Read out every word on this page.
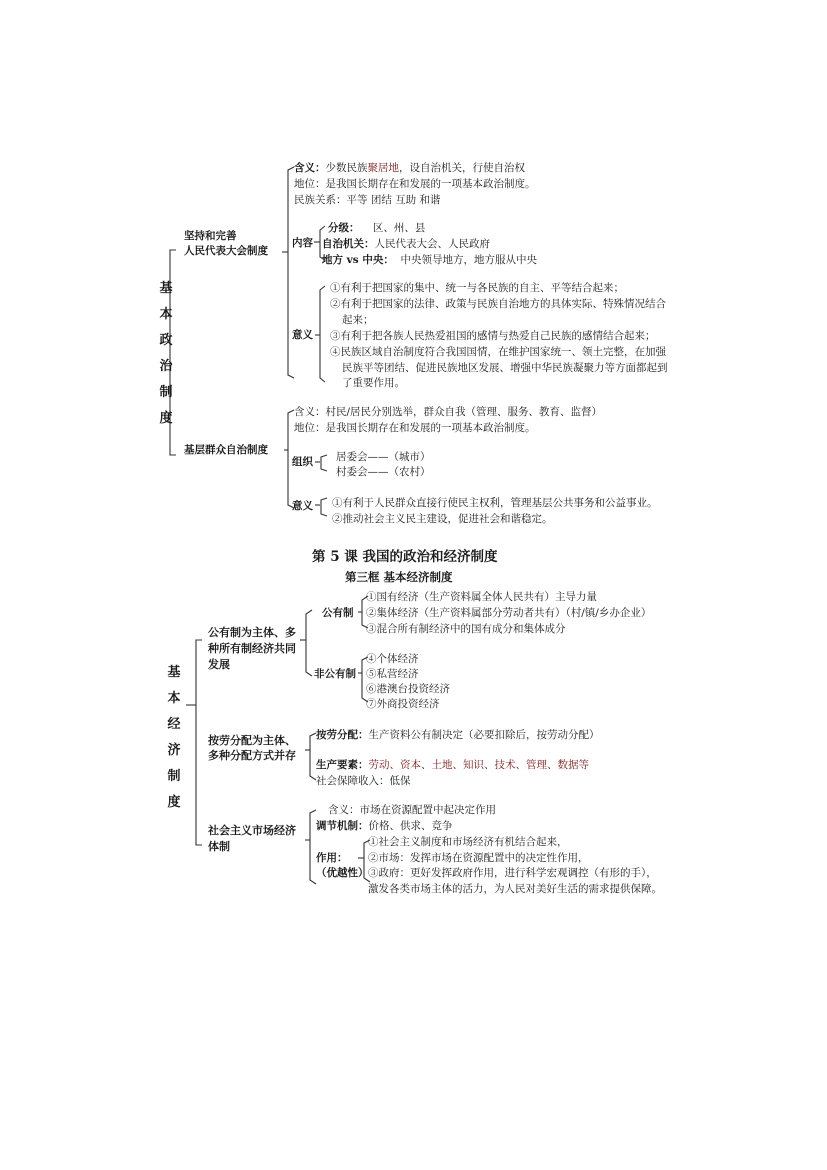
基
本
政
治
制
度
坚持和完善
人民代表大会制度
含义：少数民族聚居地，设自治机关，行使自治权
地位：是我国长期存在和发展的一项基本政治制度。
民族关系：平等 团结 互助 和谐
内容
分级： 区、州、县
自治机关：人民代表大会、人民政府
地方 vs 中央： 中央领导地方，地方服从中央
意义
①有利于把国家的集中、统一与各民族的自主、平等结合起来；
②有利于把国家的法律、政策与民族自治地方的具体实际、特殊情况结合
起来；
③有利于把各族人民热爱祖国的感情与热爱自己民族的感情结合起来；
④民族区域自治制度符合我国国情，在维护国家统一、领土完整，在加强
民族平等团结、促进民族地区发展、增强中华民族凝聚力等方面都起到
了重要作用。
基层群众自治制度
含义：村民/居民分别选举，群众自我（管理、服务、教育、监督）
地位：是我国长期存在和发展的一项基本政治制度。
组织 居委会——（城市）
村委会——（农村）
意义 ①有利于人民群众直接行使民主权利，管理基层公共事务和公益事业。
②推动社会主义民主建设，促进社会和谐稳定。
第 5 课 我国的政治和经济制度
第三框 基本经济制度
基
本
经
济
制
度
公有制为主体、多
种所有制经济共同
发展
公有制
①国有经济（生产资料属全体人民共有）主导力量
②集体经济（生产资料属部分劳动者共有）（村/镇/乡办企业）
③混合所有制经济中的国有成分和集体成分
非公有制
④个体经济
⑤私营经济
⑥港澳台投资经济
⑦外商投资经济
按劳分配为主体、
多种分配方式并存
按劳分配：生产资料公有制决定（必要扣除后，按劳动分配）
生产要素：劳动、资本、土地、知识、技术、管理、数据等
社会保障收入：低保
社会主义市场经济
体制
含义：市场在资源配置中起决定作用
调节机制：价格、供求、竞争
作用：
（优越性）
①社会主义制度和市场经济有机结合起来，
②市场：发挥市场在资源配置中的决定性作用，
③政府：更好发挥政府作用，进行科学宏观调控（有形的手），
激发各类市场主体的活力，为人民对美好生活的需求提供保障。
